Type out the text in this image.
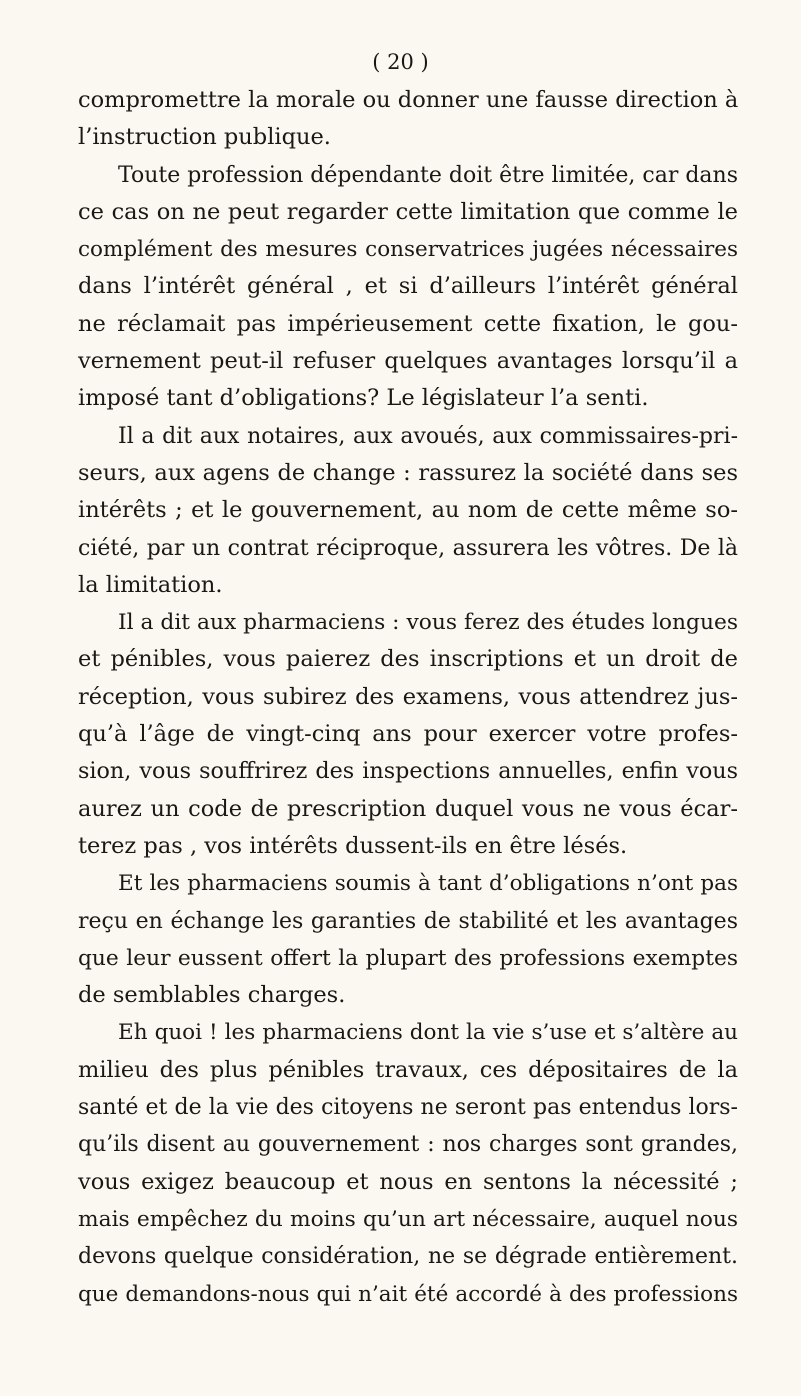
( 20 )
compromettre la morale ou donner une fausse direction à
l’instruction publique.
Toute profession dépendante doit être limitée, car dans
ce cas on ne peut regarder cette limitation que comme le
complément des mesures conservatrices jugées nécessaires
dans l’intérêt général , et si d’ailleurs l’intérêt général
ne réclamait pas impérieusement cette fixation, le gou-
vernement peut-il refuser quelques avantages lorsqu’il a
imposé tant d’obligations? Le législateur l’a senti.
Il a dit aux notaires, aux avoués, aux commissaires-pri-
seurs, aux agens de change : rassurez la société dans ses
intérêts ; et le gouvernement, au nom de cette même so-
ciété, par un contrat réciproque, assurera les vôtres. De là
la limitation.
Il a dit aux pharmaciens : vous ferez des études longues
et pénibles, vous paierez des inscriptions et un droit de
réception, vous subirez des examens, vous attendrez jus-
qu’à l’âge de vingt-cinq ans pour exercer votre profes-
sion, vous souffrirez des inspections annuelles, enfin vous
aurez un code de prescription duquel vous ne vous écar-
terez pas , vos intérêts dussent-ils en être lésés.
Et les pharmaciens soumis à tant d’obligations n’ont pas
reçu en échange les garanties de stabilité et les avantages
que leur eussent offert la plupart des professions exemptes
de semblables charges.
Eh quoi ! les pharmaciens dont la vie s’use et s’altère au
milieu des plus pénibles travaux, ces dépositaires de la
santé et de la vie des citoyens ne seront pas entendus lors-
qu’ils disent au gouvernement : nos charges sont grandes,
vous exigez beaucoup et nous en sentons la nécessité ;
mais empêchez du moins qu’un art nécessaire, auquel nous
devons quelque considération, ne se dégrade entièrement.
que demandons-nous qui n’ait été accordé à des professions
